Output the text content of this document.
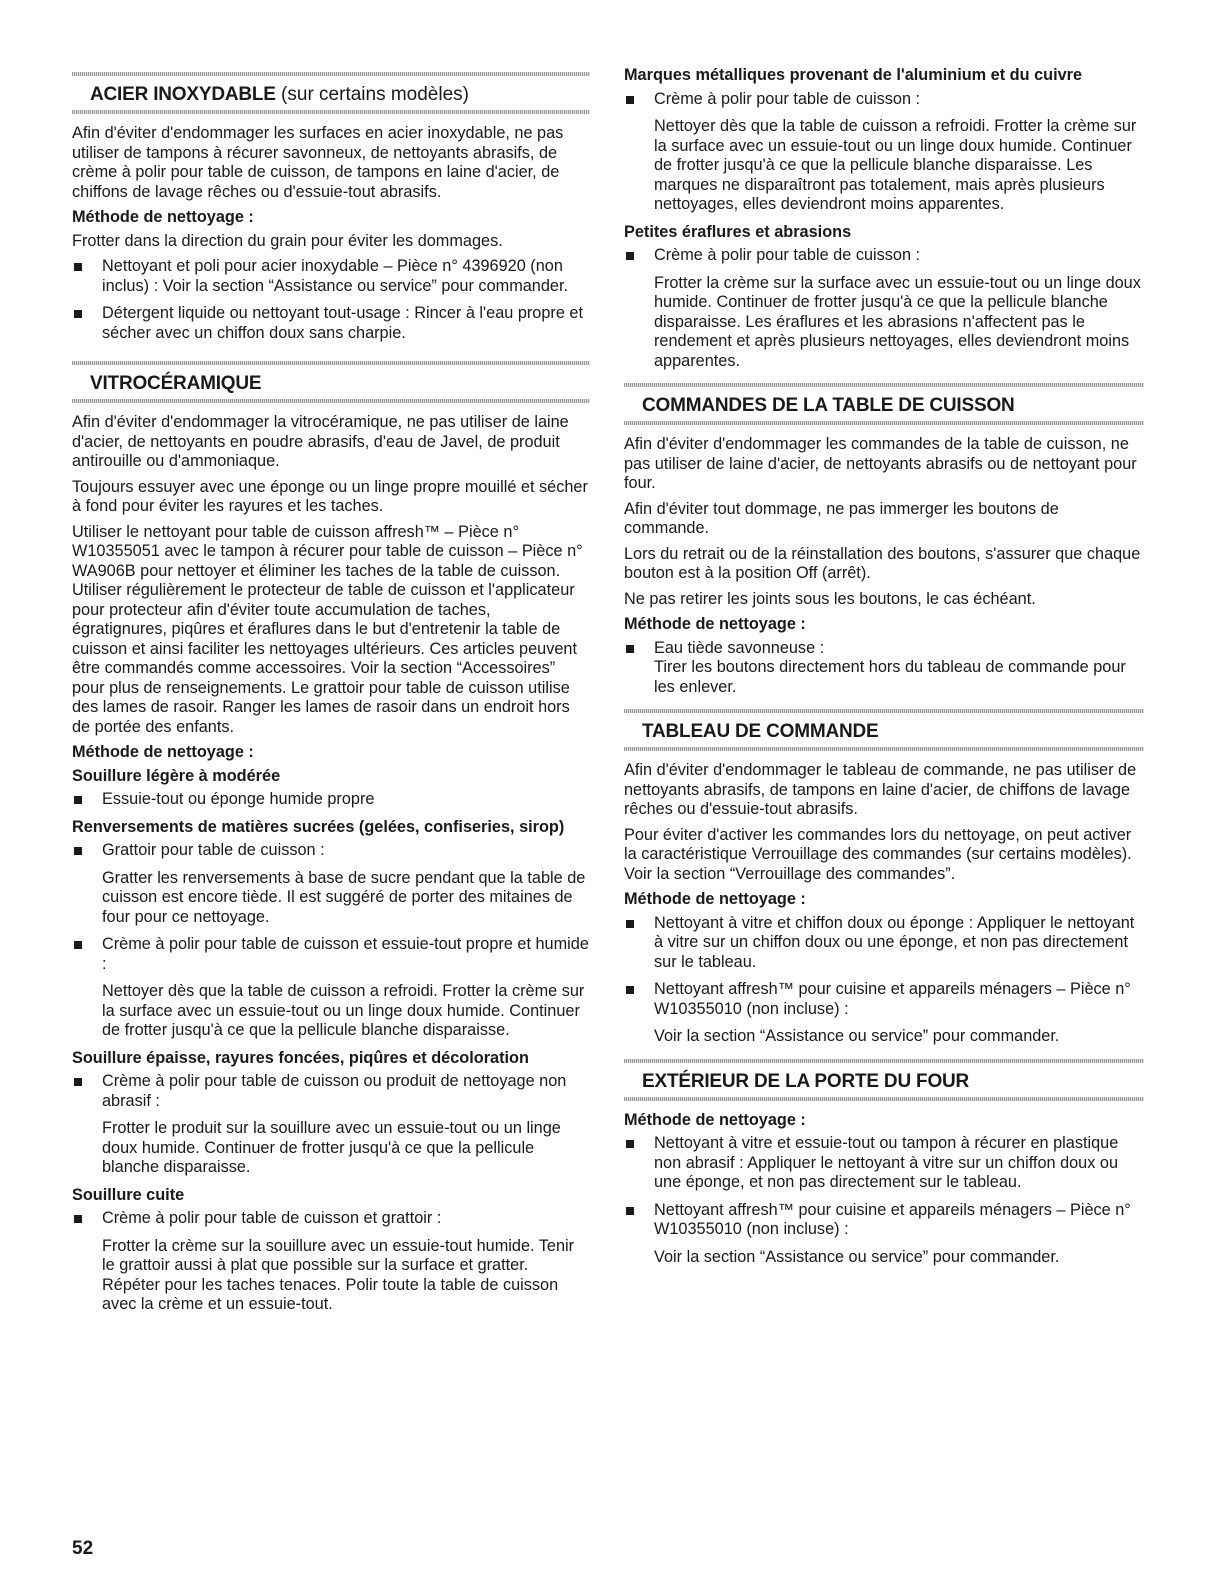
ACIER INOXYDABLE (sur certains modèles)

Afin d'éviter d'endommager les surfaces en acier inoxydable, ne pas utiliser de tampons à récurer savonneux, de nettoyants abrasifs, de crème à polir pour table de cuisson, de tampons en laine d'acier, de chiffons de lavage rêches ou d'essuie-tout abrasifs.

Méthode de nettoyage :

Frotter dans la direction du grain pour éviter les dommages.

Nettoyant et poli pour acier inoxydable – Pièce n° 4396920 (non inclus) : Voir la section “Assistance ou service” pour commander.
Détergent liquide ou nettoyant tout-usage : Rincer à l'eau propre et sécher avec un chiffon doux sans charpie.
VITROCÉRAMIQUE

Afin d'éviter d'endommager la vitrocéramique, ne pas utiliser de laine d'acier, de nettoyants en poudre abrasifs, d'eau de Javel, de produit antirouille ou d'ammoniaque.

Toujours essuyer avec une éponge ou un linge propre mouillé et sécher à fond pour éviter les rayures et les taches.

Utiliser le nettoyant pour table de cuisson affresh™ – Pièce n° W10355051 avec le tampon à récurer pour table de cuisson – Pièce n° WA906B pour nettoyer et éliminer les taches de la table de cuisson. Utiliser régulièrement le protecteur de table de cuisson et l'applicateur pour protecteur afin d'éviter toute accumulation de taches, égratignures, piqûres et éraflures dans le but d'entretenir la table de cuisson et ainsi faciliter les nettoyages ultérieurs. Ces articles peuvent être commandés comme accessoires. Voir la section “Accessoires” pour plus de renseignements. Le grattoir pour table de cuisson utilise des lames de rasoir. Ranger les lames de rasoir dans un endroit hors de portée des enfants.

Méthode de nettoyage :
Souillure légère à modérée
Essuie-tout ou éponge humide propre
Renversements de matières sucrées (gelées, confiseries, sirop)
Grattoir pour table de cuisson :
Gratter les renversements à base de sucre pendant que la table de cuisson est encore tiède. Il est suggéré de porter des mitaines de four pour ce nettoyage.
Crème à polir pour table de cuisson et essuie-tout propre et humide :
Nettoyer dès que la table de cuisson a refroidi. Frotter la crème sur la surface avec un essuie-tout ou un linge doux humide. Continuer de frotter jusqu'à ce que la pellicule blanche disparaisse.
Souillure épaisse, rayures foncées, piqûres et décoloration
Crème à polir pour table de cuisson ou produit de nettoyage non abrasif :
Frotter le produit sur la souillure avec un essuie-tout ou un linge doux humide. Continuer de frotter jusqu'à ce que la pellicule blanche disparaisse.
Souillure cuite
Crème à polir pour table de cuisson et grattoir :
Frotter la crème sur la souillure avec un essuie-tout humide. Tenir le grattoir aussi à plat que possible sur la surface et gratter. Répéter pour les taches tenaces. Polir toute la table de cuisson avec la crème et un essuie-tout.
Marques métalliques provenant de l'aluminium et du cuivre
Crème à polir pour table de cuisson :
Nettoyer dès que la table de cuisson a refroidi. Frotter la crème sur la surface avec un essuie-tout ou un linge doux humide. Continuer de frotter jusqu'à ce que la pellicule blanche disparaisse. Les marques ne disparaîtront pas totalement, mais après plusieurs nettoyages, elles deviendront moins apparentes.
Petites éraflures et abrasions
Crème à polir pour table de cuisson :
Frotter la crème sur la surface avec un essuie-tout ou un linge doux humide. Continuer de frotter jusqu'à ce que la pellicule blanche disparaisse. Les éraflures et les abrasions n'affectent pas le rendement et après plusieurs nettoyages, elles deviendront moins apparentes.
COMMANDES DE LA TABLE DE CUISSON

Afin d'éviter d'endommager les commandes de la table de cuisson, ne pas utiliser de laine d'acier, de nettoyants abrasifs ou de nettoyant pour four.

Afin d'éviter tout dommage, ne pas immerger les boutons de commande.

Lors du retrait ou de la réinstallation des boutons, s'assurer que chaque bouton est à la position Off (arrêt).

Ne pas retirer les joints sous les boutons, le cas échéant.

Méthode de nettoyage :
Eau tiède savonneuse :
Tirer les boutons directement hors du tableau de commande pour les enlever.
TABLEAU DE COMMANDE

Afin d'éviter d'endommager le tableau de commande, ne pas utiliser de nettoyants abrasifs, de tampons en laine d'acier, de chiffons de lavage rêches ou d'essuie-tout abrasifs.

Pour éviter d'activer les commandes lors du nettoyage, on peut activer la caractéristique Verrouillage des commandes (sur certains modèles). Voir la section “Verrouillage des commandes”.

Méthode de nettoyage :
Nettoyant à vitre et chiffon doux ou éponge : Appliquer le nettoyant à vitre sur un chiffon doux ou une éponge, et non pas directement sur le tableau.
Nettoyant affresh™ pour cuisine et appareils ménagers – Pièce n° W10355010 (non incluse) :
Voir la section “Assistance ou service” pour commander.
EXTÉRIEUR DE LA PORTE DU FOUR
Méthode de nettoyage :
Nettoyant à vitre et essuie-tout ou tampon à récurer en plastique non abrasif : Appliquer le nettoyant à vitre sur un chiffon doux ou une éponge, et non pas directement sur le tableau.
Nettoyant affresh™ pour cuisine et appareils ménagers – Pièce n° W10355010 (non incluse) :
Voir la section “Assistance ou service” pour commander.
52
